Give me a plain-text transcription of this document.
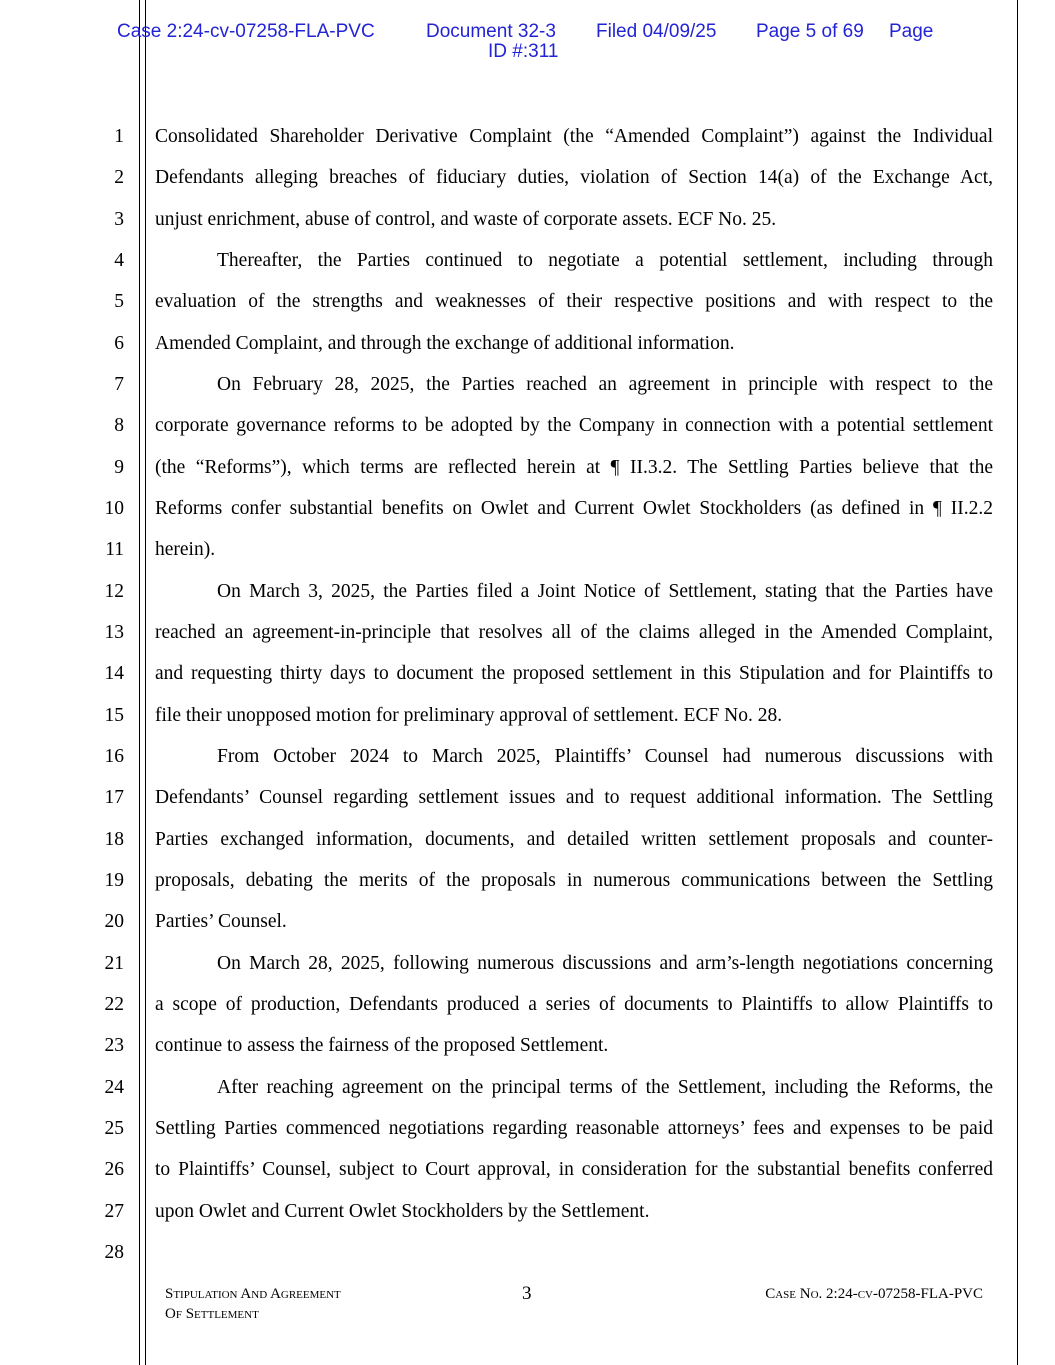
Case 2:24-cv-07258-FLA-PVC	Document 32-3 Filed 04/09/25 Page 5 of 69 Page
ID #:311
1 Consolidated Shareholder Derivative Complaint (the “Amended Complaint”) against the Individual
2 Defendants alleging breaches of fiduciary duties, violation of Section 14(a) of the Exchange Act,
3 unjust enrichment, abuse of control, and waste of corporate assets. ECF No. 25.
4	Thereafter, the Parties continued to negotiate a potential settlement, including through
5 evaluation of the strengths and weaknesses of their respective positions and with respect to the
6 Amended Complaint, and through the exchange of additional information.
7	On February 28, 2025, the Parties reached an agreement in principle with respect to the
8 corporate governance reforms to be adopted by the Company in connection with a potential settlement
9 (the “Reforms”), which terms are reflected herein at ¶ II.3.2. The Settling Parties believe that the
10 Reforms confer substantial benefits on Owlet and Current Owlet Stockholders (as defined in ¶ II.2.2
11 herein).
12	On March 3, 2025, the Parties filed a Joint Notice of Settlement, stating that the Parties have
13 reached an agreement-in-principle that resolves all of the claims alleged in the Amended Complaint,
14 and requesting thirty days to document the proposed settlement in this Stipulation and for Plaintiffs to
15 file their unopposed motion for preliminary approval of settlement. ECF No. 28.
16	From October 2024 to March 2025, Plaintiffs’ Counsel had numerous discussions with
17 Defendants’ Counsel regarding settlement issues and to request additional information. The Settling
18 Parties exchanged information, documents, and detailed written settlement proposals and counter-
19 proposals, debating the merits of the proposals in numerous communications between the Settling
20 Parties’ Counsel.
21	On March 28, 2025, following numerous discussions and arm’s-length negotiations concerning
22 a scope of production, Defendants produced a series of documents to Plaintiffs to allow Plaintiffs to
23 continue to assess the fairness of the proposed Settlement.
24	After reaching agreement on the principal terms of the Settlement, including the Reforms, the
25 Settling Parties commenced negotiations regarding reasonable attorneys’ fees and expenses to be paid
26 to Plaintiffs’ Counsel, subject to Court approval, in consideration for the substantial benefits conferred
27 upon Owlet and Current Owlet Stockholders by the Settlement.
28
Stipulation And Agreement
Of Settlement
3	Case No. 2:24-cv-07258-FLA-PVC
